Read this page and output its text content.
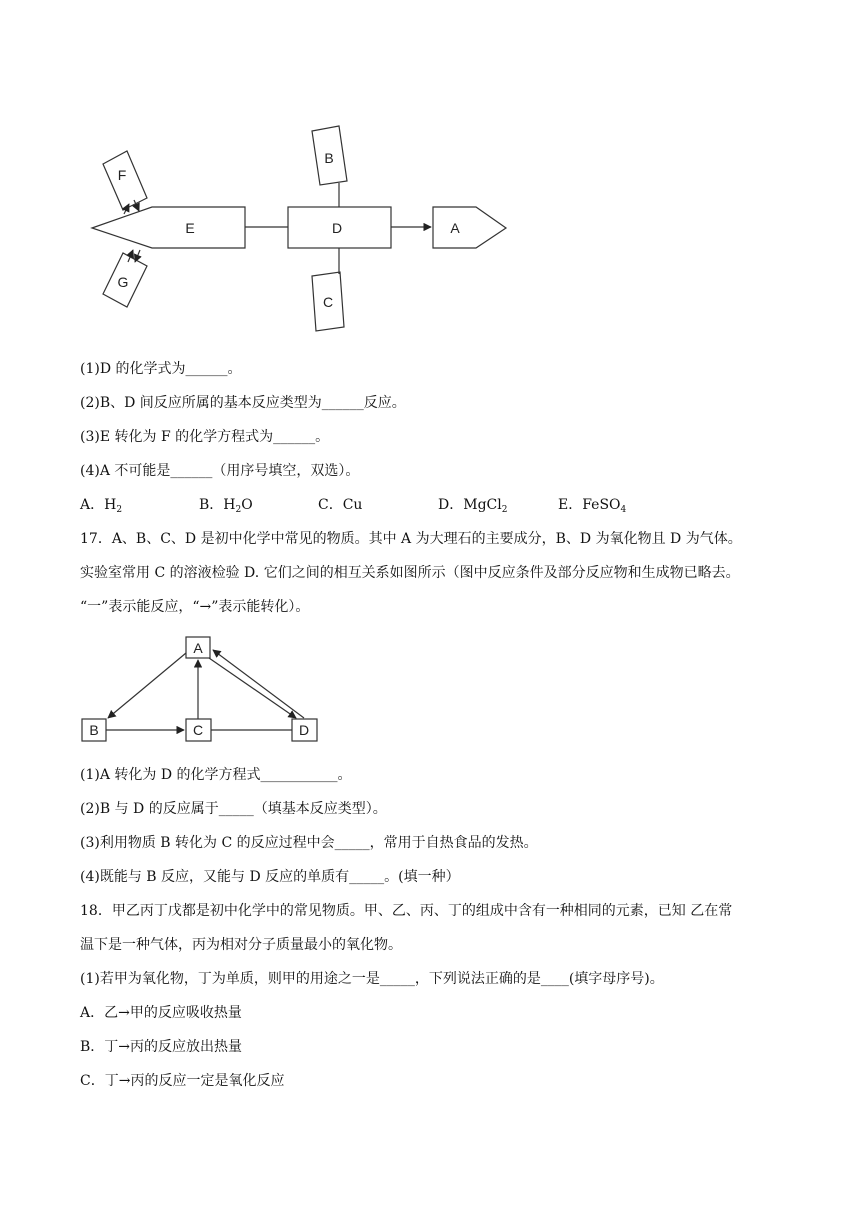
E	D	A
B
C
F
G
(1)D 的化学式为______。
(2)B、D 间反应所属的基本反应类型为______反应。
(3)E 转化为 F 的化学方程式为______。
(4)A 不可能是______（用序号填空，双选）。
A．$H_2$	B．$H_2O$	C．Cu	D．MgCl$_2$	E．FeSO$_4$
17．A、B、C、D 是初中化学中常见的物质。其中 A 为大理石的主要成分，B、D 为氧化物且 D 为气体。
实验室常用 C 的溶液检验 D. 它们之间的相互关系如图所示（图中反应条件及部分反应物和生成物已略去。
“一”表示能反应，“→”表示能转化）。
A
B	C	D
(1)A 转化为 D 的化学方程式___________。
(2)B 与 D 的反应属于_____（填基本反应类型）。
(3)利用物质 B 转化为 C 的反应过程中会_____，常用于自热食品的发热。
(4)既能与 B 反应，又能与 D 反应的单质有_____。(填一种）
18．甲乙丙丁戊都是初中化学中的常见物质。甲、乙、丙、丁的组成中含有一种相同的元素，已知 乙在常
温下是一种气体，丙为相对分子质量最小的氧化物。
(1)若甲为氧化物，丁为单质，则甲的用途之一是_____，下列说法正确的是____(填字母序号)。
A．乙→甲的反应吸收热量
B．丁→丙的反应放出热量
C．丁→丙的反应一定是氧化反应
